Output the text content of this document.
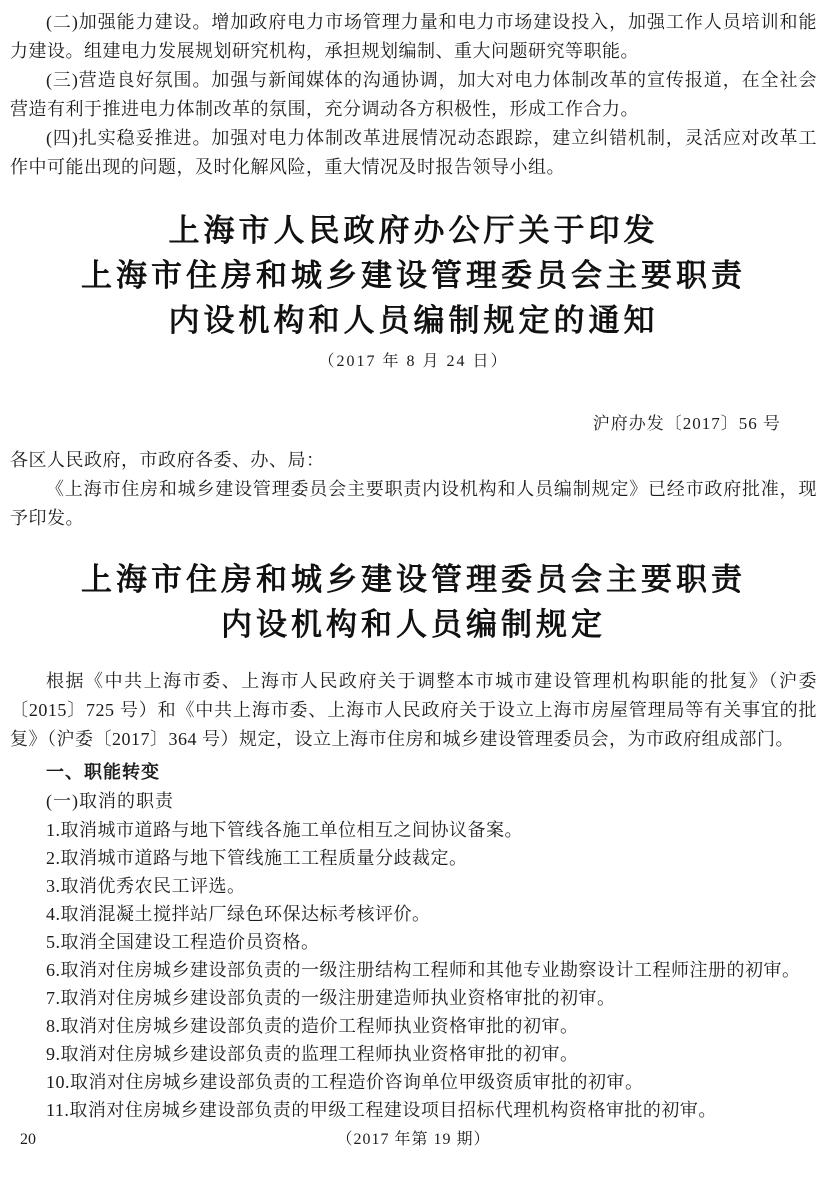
(二)加强能力建设。增加政府电力市场管理力量和电力市场建设投入，加强工作人员培训和能力建设。组建电力发展规划研究机构，承担规划编制、重大问题研究等职能。

(三)营造良好氛围。加强与新闻媒体的沟通协调，加大对电力体制改革的宣传报道，在全社会营造有利于推进电力体制改革的氛围，充分调动各方积极性，形成工作合力。

(四)扎实稳妥推进。加强对电力体制改革进展情况动态跟踪，建立纠错机制，灵活应对改革工作中可能出现的问题，及时化解风险，重大情况及时报告领导小组。

上海市人民政府办公厅关于印发
上海市住房和城乡建设管理委员会主要职责
内设机构和人员编制规定的通知

（2017 年 8 月 24 日）

沪府办发〔2017〕56 号

各区人民政府，市政府各委、办、局：

《上海市住房和城乡建设管理委员会主要职责内设机构和人员编制规定》已经市政府批准，现予印发。

上海市住房和城乡建设管理委员会主要职责
内设机构和人员编制规定

根据《中共上海市委、上海市人民政府关于调整本市城市建设管理机构职能的批复》（沪委〔2015〕725 号）和《中共上海市委、上海市人民政府关于设立上海市房屋管理局等有关事宜的批复》（沪委〔2017〕364 号）规定，设立上海市住房和城乡建设管理委员会，为市政府组成部门。

一、职能转变

(一)取消的职责

1.取消城市道路与地下管线各施工单位相互之间协议备案。

2.取消城市道路与地下管线施工工程质量分歧裁定。

3.取消优秀农民工评选。

4.取消混凝土搅拌站厂绿色环保达标考核评价。

5.取消全国建设工程造价员资格。

6.取消对住房城乡建设部负责的一级注册结构工程师和其他专业勘察设计工程师注册的初审。

7.取消对住房城乡建设部负责的一级注册建造师执业资格审批的初审。

8.取消对住房城乡建设部负责的造价工程师执业资格审批的初审。

9.取消对住房城乡建设部负责的监理工程师执业资格审批的初审。

10.取消对住房城乡建设部负责的工程造价咨询单位甲级资质审批的初审。

11.取消对住房城乡建设部负责的甲级工程建设项目招标代理机构资格审批的初审。

20	（2017 年第 19 期）
